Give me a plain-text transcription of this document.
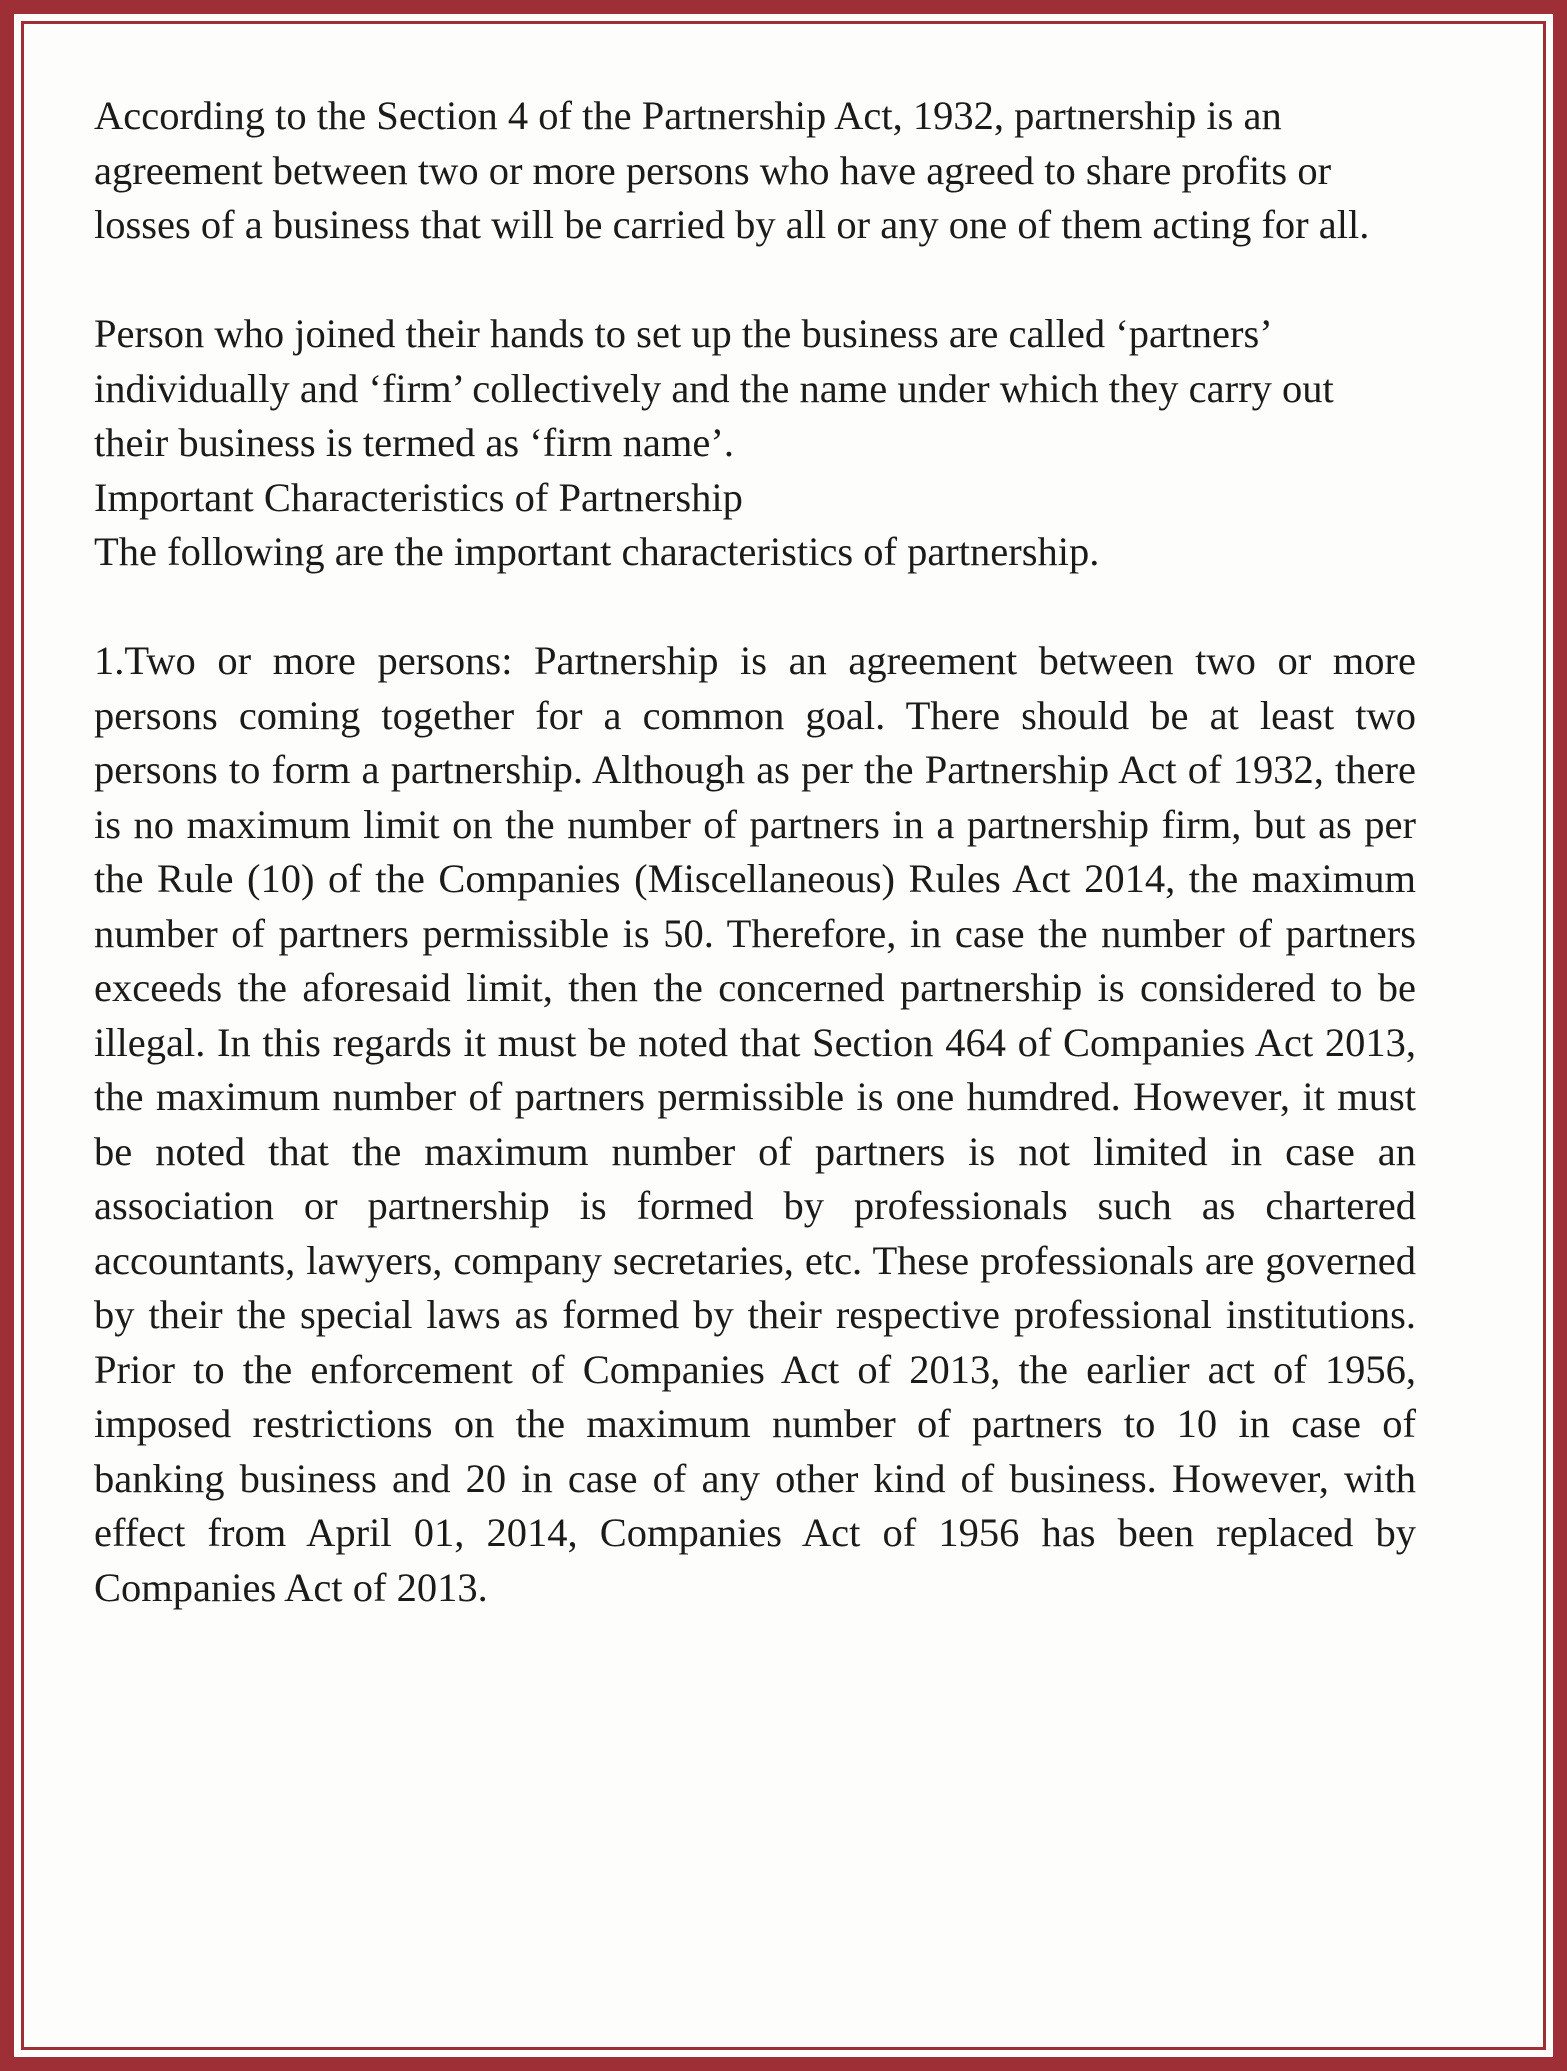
According to the Section 4 of the Partnership Act, 1932, partnership is an agreement between two or more persons who have agreed to share profits or losses of a business that will be carried by all or any one of them acting for all.

Person who joined their hands to set up the business are called ‘partners’ individually and ‘firm’ collectively and the name under which they carry out their business is termed as ‘firm name’.

Important Characteristics of Partnership

The following are the important characteristics of partnership.

1.Two or more persons: Partnership is an agreement between two or more persons coming together for a common goal. There should be at least two persons to form a partnership. Although as per the Partnership Act of 1932, there is no maximum limit on the number of partners in a partnership firm, but as per the Rule (10) of the Companies (Miscellaneous) Rules Act 2014, the maximum number of partners permissible is 50. Therefore, in case the number of partners exceeds the aforesaid limit, then the concerned partnership is considered to be illegal. In this regards it must be noted that Section 464 of Companies Act 2013, the maximum number of partners permissible is one humdred. However, it must be noted that the maximum number of partners is not limited in case an association or partnership is formed by professionals such as chartered accountants, lawyers, company secretaries, etc. These professionals are governed by their the special laws as formed by their respective professional institutions. Prior to the enforcement of Companies Act of 2013, the earlier act of 1956, imposed restrictions on the maximum number of partners to 10 in case of banking business and 20 in case of any other kind of business. However, with effect from April 01, 2014, Companies Act of 1956 has been replaced by Companies Act of 2013.
